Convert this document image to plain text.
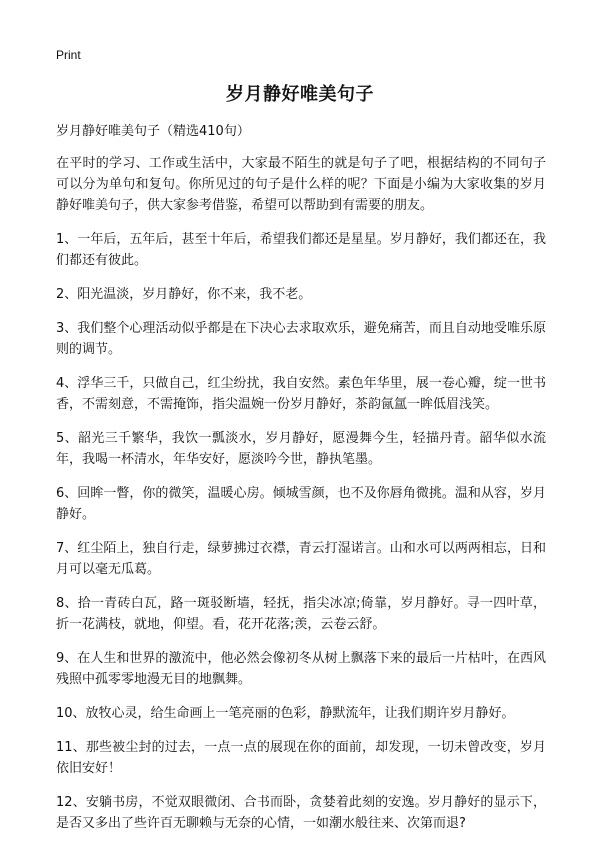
Print
岁月静好唯美句子

岁月静好唯美句子（精选410句）

在平时的学习、工作或生活中，大家最不陌生的就是句子了吧，根据结构的不同句子可以分为单句和复句。你所见过的句子是什么样的呢？下面是小编为大家收集的岁月静好唯美句子，供大家参考借鉴，希望可以帮助到有需要的朋友。

1、一年后，五年后，甚至十年后，希望我们都还是星星。岁月静好，我们都还在，我们都还有彼此。

2、阳光温淡，岁月静好，你不来，我不老。

3、我们整个心理活动似乎都是在下决心去求取欢乐，避免痛苦，而且自动地受唯乐原则的调节。

4、浮华三千，只做自己，红尘纷扰，我自安然。素色年华里，展一卷心瓣，绽一世书香，不需刻意，不需掩饰，指尖温婉一份岁月静好，茶韵氤氲一眸低眉浅笑。

5、韶光三千繁华，我饮一瓢淡水，岁月静好，愿漫舞今生，轻描丹青。韶华似水流年，我喝一杯清水，年华安好，愿淡吟今世，静执笔墨。

6、回眸一瞥，你的微笑，温暖心房。倾城雪颜，也不及你唇角微挑。温和从容，岁月静好。

7、红尘陌上，独自行走，绿萝拂过衣襟，青云打湿诺言。山和水可以两两相忘，日和月可以毫无瓜葛。

8、拾一青砖白瓦，路一斑驳断墙，轻抚，指尖冰凉;倚靠，岁月静好。寻一四叶草，折一花满枝，就地，仰望。看，花开花落;羡，云卷云舒。

9、在人生和世界的激流中，他必然会像初冬从树上飘落下来的最后一片枯叶，在西风残照中孤零零地漫无目的地飘舞。

10、放牧心灵，给生命画上一笔亮丽的色彩，静默流年，让我们期许岁月静好。

11、那些被尘封的过去，一点一点的展现在你的面前，却发现，一切未曾改变，岁月依旧安好！

12、安躺书房，不觉双眼微闭、合书而卧，贪婪着此刻的安逸。岁月静好的显示下，是否又多出了些许百无聊赖与无奈的心情，一如潮水般往来、次第而退?
